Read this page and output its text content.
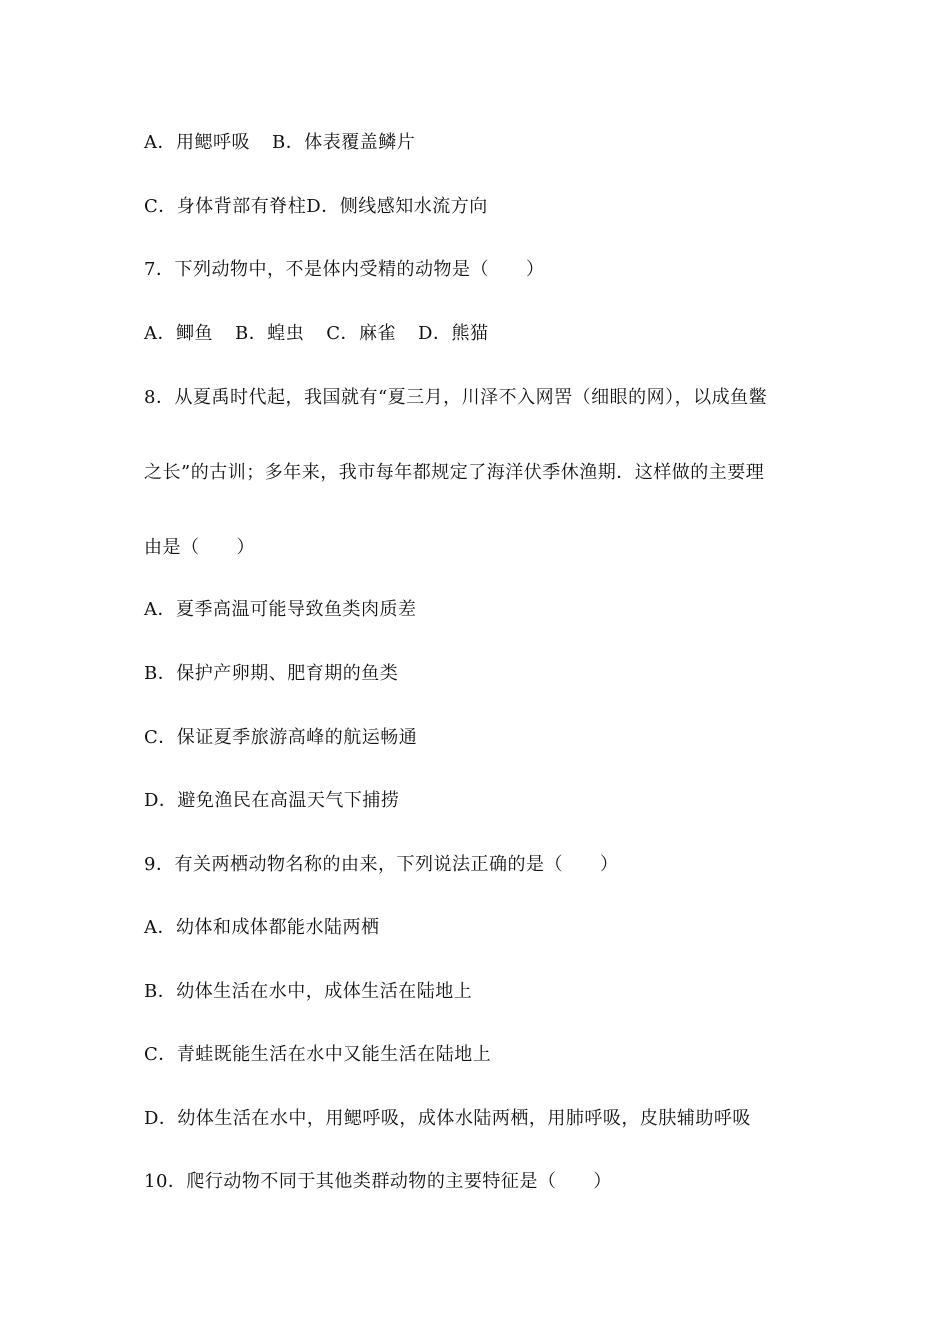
A．用鳃呼吸 B．体表覆盖鳞片
C．身体背部有脊柱D．侧线感知水流方向
7．下列动物中，不是体内受精的动物是（　　）
A．鲫鱼 B．蝗虫 C．麻雀 D．熊猫
8．从夏禹时代起，我国就有“夏三月，川泽不入网罟（细眼的网），以成鱼鳖
之长”的古训；多年来，我市每年都规定了海洋伏季休渔期．这样做的主要理
由是（　　）
A．夏季高温可能导致鱼类肉质差
B．保护产卵期、肥育期的鱼类
C．保证夏季旅游高峰的航运畅通
D．避免渔民在高温天气下捕捞
9．有关两栖动物名称的由来，下列说法正确的是（　　）
A．幼体和成体都能水陆两栖
B．幼体生活在水中，成体生活在陆地上
C．青蛙既能生活在水中又能生活在陆地上
D．幼体生活在水中，用鳃呼吸，成体水陆两栖，用肺呼吸，皮肤辅助呼吸
10．爬行动物不同于其他类群动物的主要特征是（　　）
